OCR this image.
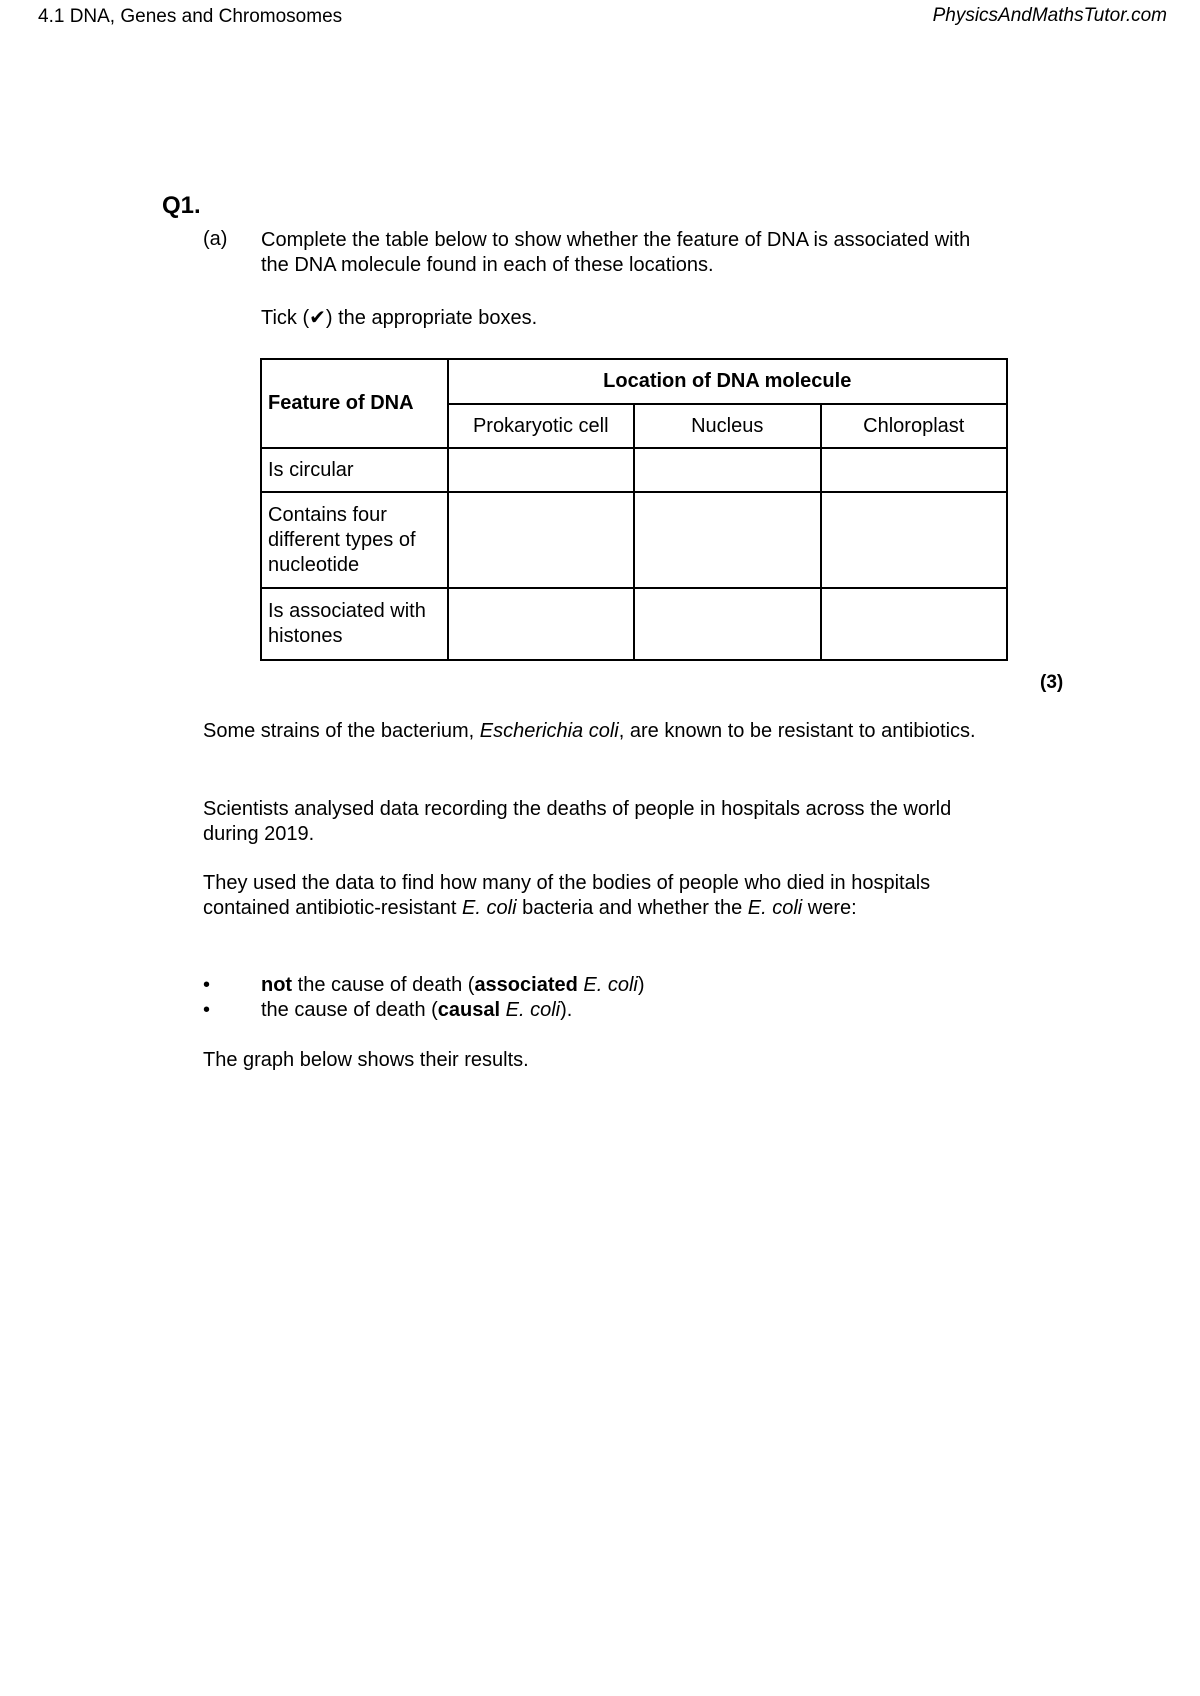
4.1 DNA, Genes and Chromosomes	PhysicsAndMathsTutor.com
Q1.
(a) Complete the table below to show whether the feature of DNA is associated with the DNA molecule found in each of these locations.
Tick (✔) the appropriate boxes.
Feature of DNA	Location of DNA molecule		
	Prokaryotic cell	Nucleus	Chloroplast
Is circular			
Contains four different types of nucleotide			
Is associated with histones			
(3)
Some strains of the bacterium, Escherichia coli, are known to be resistant to antibiotics.
Scientists analysed data recording the deaths of people in hospitals across the world during 2019.
They used the data to find how many of the bodies of people who died in hospitals contained antibiotic-resistant E. coli bacteria and whether the E. coli were:
•	not the cause of death (associated E. coli)
•	the cause of death (causal E. coli).
The graph below shows their results.
